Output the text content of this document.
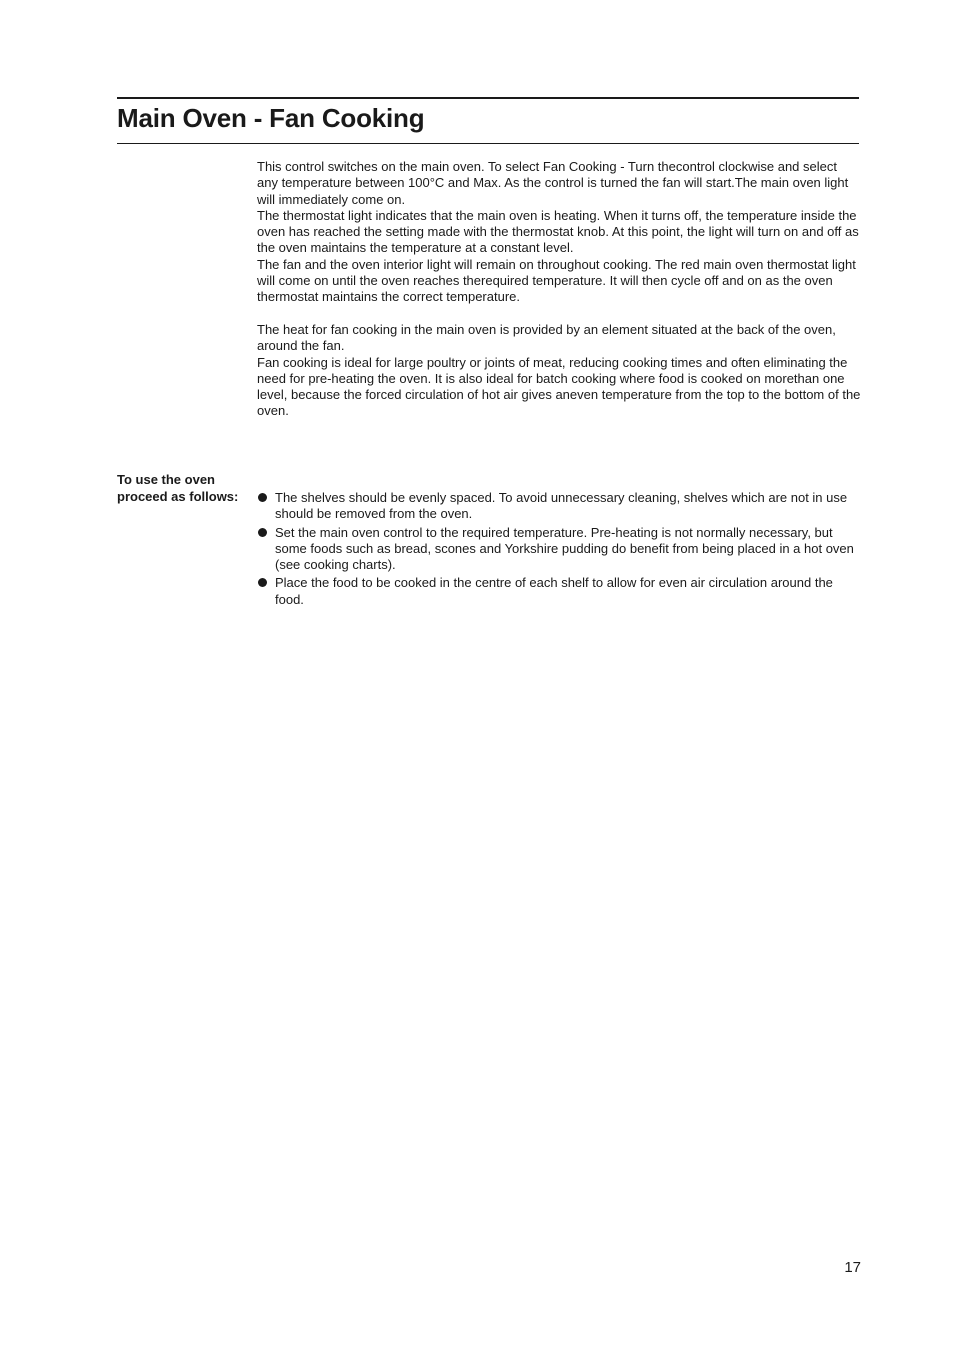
Main Oven - Fan Cooking

This control switches on the main oven. To select Fan Cooking - Turn thecontrol clockwise and select any temperature between 100°C and Max. As the control is turned the fan will start.The main oven light will immediately come on.

The thermostat light indicates that the main oven is heating. When it turns off, the temperature inside the oven has reached the setting made with the thermostat knob. At this point, the light will turn on and off as the oven maintains the temperature at a constant level.

The fan and the oven interior light will remain on throughout cooking. The red main oven thermostat light will come on until the oven reaches therequired temperature. It will then cycle off and on as the oven thermostat maintains the correct temperature.

The heat for fan cooking in the main oven is provided by an element situated at the back of the oven, around the fan.

Fan cooking is ideal for large poultry or joints of meat, reducing cooking times and often eliminating the need for pre-heating the oven. It is also ideal for batch cooking where food is cooked on morethan one level, because the forced circulation of hot air gives aneven temperature from the top to the bottom of the oven.

To use the oven
proceed as follows:	The shelves should be evenly spaced. To avoid unnecessary cleaning, shelves which are not in use should be removed from the oven.
Set the main oven control to the required temperature. Pre-heating is not normally necessary, but some foods such as bread, scones and Yorkshire pudding do benefit from being placed in a hot oven (see cooking charts).
Place the food to be cooked in the centre of each shelf to allow for even air circulation around the food.
17
